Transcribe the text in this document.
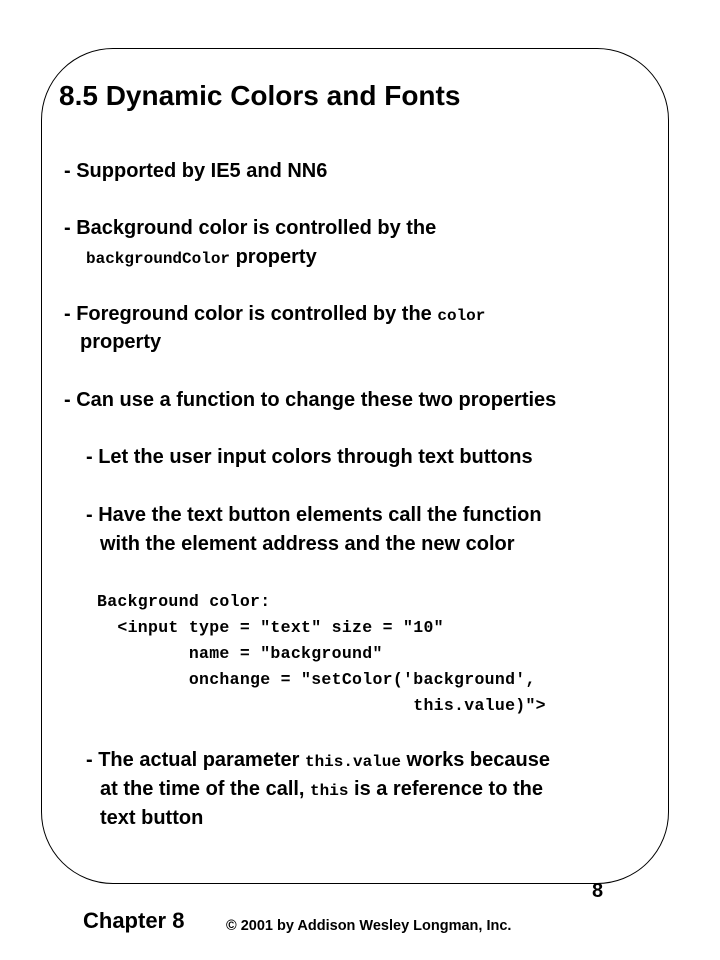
8.5 Dynamic Colors and Fonts
- Supported by IE5 and NN6
- Background color is controlled by the
backgroundColor property
- Foreground color is controlled by the color
property
- Can use a function to change these two properties
- Let the user input colors through text buttons
- Have the text button elements call the function
with the element address and the new color
Background color:
<input type = "text" size = "10"
name = "background"
onchange = "setColor('background',
this.value)">
- The actual parameter this.value works because
at the time of the call, this is a reference to the
text button
Chapter 8	© 2001 by Addison Wesley Longman, Inc.
8
